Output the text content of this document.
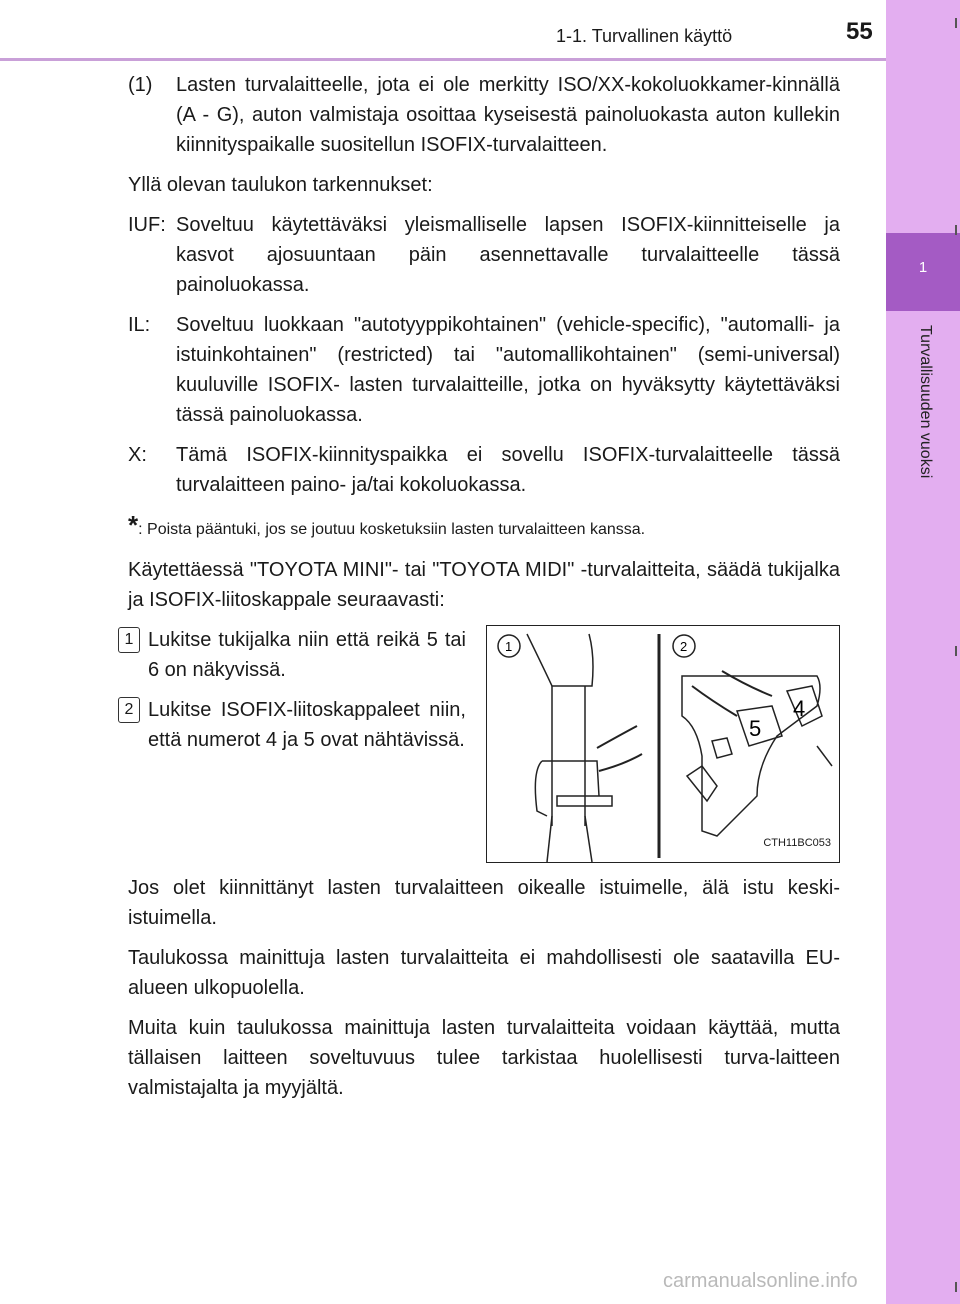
1
Turvallisuuden vuoksi
1-1. Turvallinen käyttö	55
(1)	Lasten turvalaitteelle, jota ei ole merkitty ISO/XX-kokoluokkamer-kinnällä (A - G), auton valmistaja osoittaa kyseisestä painoluokasta auton kullekin kiinnityspaikalle suositellun ISOFIX-turvalaitteen.

Yllä olevan taulukon tarkennukset:

IUF: Soveltuu käytettäväksi yleismalliselle lapsen ISOFIX-kiinnitteiselle ja kasvot ajosuuntaan päin asennettavalle turvalaitteelle tässä painoluokassa.
IL:	Soveltuu luokkaan "autotyyppikohtainen" (vehicle-specific), "automalli- ja istuinkohtainen" (restricted) tai "automallikohtainen" (semi-universal) kuuluville ISOFIX- lasten turvalaitteille, jotka on hyväksytty käytettäväksi tässä painoluokassa.
X:	Tämä ISOFIX-kiinnityspaikka ei sovellu ISOFIX-turvalaitteelle tässä turvalaitteen paino- ja/tai kokoluokassa.

*: Poista pääntuki, jos se joutuu kosketuksiin lasten turvalaitteen kanssa.

Käytettäessä "TOYOTA MINI"- tai "TOYOTA MIDI" -turvalaitteita, säädä tukijalka ja ISOFIX-liitoskappale seuraavasti:

1 Lukitse tukijalka niin että reikä 5 tai 6 on näkyvissä.
2 Lukitse ISOFIX-liitoskappaleet niin, että numerot 4 ja 5 ovat nähtävissä.
1	2
5
4
CTH11BC053

Jos olet kiinnittänyt lasten turvalaitteen oikealle istuimelle, älä istu keski-istuimella.

Taulukossa mainittuja lasten turvalaitteita ei mahdollisesti ole saatavilla EU-alueen ulkopuolella.

Muita kuin taulukossa mainittuja lasten turvalaitteita voidaan käyttää, mutta tällaisen laitteen soveltuvuus tulee tarkistaa huolellisesti turva-laitteen valmistajalta ja myyjältä.

carmanualsonline.info
